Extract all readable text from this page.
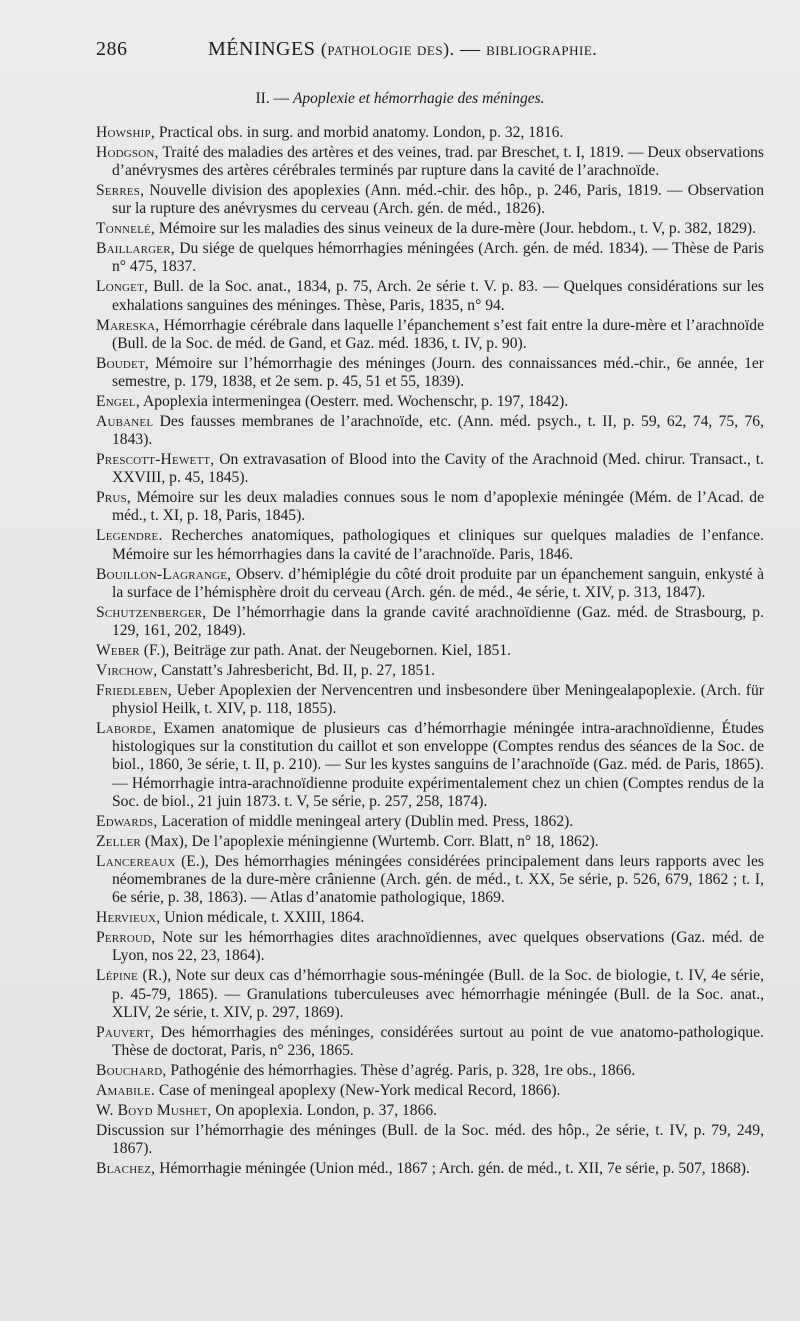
286	MÉNINGES (pathologie des). — bibliographie.
II. — Apoplexie et hémorrhagie des méninges.

Howship, Practical obs. in surg. and morbid anatomy. London, p. 32, 1816.

Hodgson, Traité des maladies des artères et des veines, trad. par Breschet, t. I, 1819. — Deux observations d’anévrysmes des artères cérébrales terminés par rupture dans la cavité de l’arachnoïde.

Serres, Nouvelle division des apoplexies (Ann. méd.-chir. des hôp., p. 246, Paris, 1819. — Observation sur la rupture des anévrysmes du cerveau (Arch. gén. de méd., 1826).

Tonnelé, Mémoire sur les maladies des sinus veineux de la dure-mère (Jour. hebdom., t. V, p. 382, 1829).

Baillarger, Du siége de quelques hémorrhagies méningées (Arch. gén. de méd. 1834). — Thèse de Paris n° 475, 1837.

Longet, Bull. de la Soc. anat., 1834, p. 75, Arch. 2e série t. V. p. 83. — Quelques considérations sur les exhalations sanguines des méninges. Thèse, Paris, 1835, n° 94.

Mareska, Hémorrhagie cérébrale dans laquelle l’épanchement s’est fait entre la dure-mère et l’arachnoïde (Bull. de la Soc. de méd. de Gand, et Gaz. méd. 1836, t. IV, p. 90).

Boudet, Mémoire sur l’hémorrhagie des méninges (Journ. des connaissances méd.-chir., 6e année, 1er semestre, p. 179, 1838, et 2e sem. p. 45, 51 et 55, 1839).

Engel, Apoplexia intermeningea (Oesterr. med. Wochenschr, p. 197, 1842).

Aubanel Des fausses membranes de l’arachnoïde, etc. (Ann. méd. psych., t. II, p. 59, 62, 74, 75, 76, 1843).

Prescott-Hewett, On extravasation of Blood into the Cavity of the Arachnoid (Med. chirur. Transact., t. XXVIII, p. 45, 1845).

Prus, Mémoire sur les deux maladies connues sous le nom d’apoplexie méningée (Mém. de l’Acad. de méd., t. XI, p. 18, Paris, 1845).

Legendre. Recherches anatomiques, pathologiques et cliniques sur quelques maladies de l’enfance. Mémoire sur les hémorrhagies dans la cavité de l’arachnoïde. Paris, 1846.

Bouillon-Lagrange, Observ. d’hémiplégie du côté droit produite par un épanchement sanguin, enkysté à la surface de l’hémisphère droit du cerveau (Arch. gén. de méd., 4e série, t. XIV, p. 313, 1847).

Schutzenberger, De l’hémorrhagie dans la grande cavité arachnoïdienne (Gaz. méd. de Strasbourg, p. 129, 161, 202, 1849).

Weber (F.), Beiträge zur path. Anat. der Neugebornen. Kiel, 1851.

Virchow, Canstatt’s Jahresbericht, Bd. II, p. 27, 1851.

Friedleben, Ueber Apoplexien der Nervencentren und insbesondere über Meningealapoplexie. (Arch. für physiol Heilk, t. XIV, p. 118, 1855).

Laborde, Examen anatomique de plusieurs cas d’hémorrhagie méningée intra-arachnoïdienne, Études histologiques sur la constitution du caillot et son enveloppe (Comptes rendus des séances de la Soc. de biol., 1860, 3e série, t. II, p. 210). — Sur les kystes sanguins de l’arachnoïde (Gaz. méd. de Paris, 1865). — Hémorrhagie intra-arachnoïdienne produite expérimentalement chez un chien (Comptes rendus de la Soc. de biol., 21 juin 1873. t. V, 5e série, p. 257, 258, 1874).

Edwards, Laceration of middle meningeal artery (Dublin med. Press, 1862).

Zeller (Max), De l’apoplexie méningienne (Wurtemb. Corr. Blatt, n° 18, 1862).

Lancereaux (E.), Des hémorrhagies méningées considérées principalement dans leurs rapports avec les néomembranes de la dure-mère crânienne (Arch. gén. de méd., t. XX, 5e série, p. 526, 679, 1862 ; t. I, 6e série, p. 38, 1863). — Atlas d’anatomie pathologique, 1869.

Hervieux, Union médicale, t. XXIII, 1864.

Perroud, Note sur les hémorrhagies dites arachnoïdiennes, avec quelques observations (Gaz. méd. de Lyon, nos 22, 23, 1864).

Lépine (R.), Note sur deux cas d’hémorrhagie sous-méningée (Bull. de la Soc. de biologie, t. IV, 4e série, p. 45-79, 1865). — Granulations tuberculeuses avec hémorrhagie méningée (Bull. de la Soc. anat., XLIV, 2e série, t. XIV, p. 297, 1869).

Pauvert, Des hémorrhagies des méninges, considérées surtout au point de vue anatomo-pathologique. Thèse de doctorat, Paris, n° 236, 1865.

Bouchard, Pathogénie des hémorrhagies. Thèse d’agrég. Paris, p. 328, 1re obs., 1866.

Amabile. Case of meningeal apoplexy (New-York medical Record, 1866).

W. Boyd Mushet, On apoplexia. London, p. 37, 1866.

Discussion sur l’hémorrhagie des méninges (Bull. de la Soc. méd. des hôp., 2e série, t. IV, p. 79, 249, 1867).

Blachez, Hémorrhagie méningée (Union méd., 1867 ; Arch. gén. de méd., t. XII, 7e série, p. 507, 1868).
